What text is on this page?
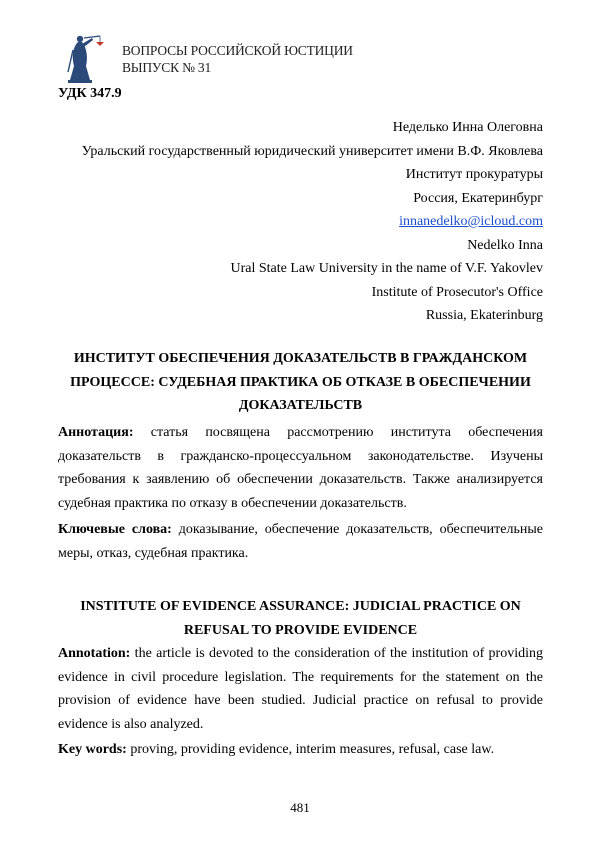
ВОПРОСЫ РОССИЙСКОЙ ЮСТИЦИИ
ВЫПУСК № 31
УДК 347.9
Неделько Инна Олеговна
Уральский государственный юридический университет имени В.Ф. Яковлева
Институт прокуратуры
Россия, Екатеринбург
innanedelko@icloud.com
Nedelko Inna
Ural State Law University in the name of V.F. Yakovlev
Institute of Prosecutor's Office
Russia, Ekaterinburg
ИНСТИТУТ ОБЕСПЕЧЕНИЯ ДОКАЗАТЕЛЬСТВ В ГРАЖДАНСКОМ
ПРОЦЕССЕ: СУДЕБНАЯ ПРАКТИКА ОБ ОТКАЗЕ В ОБЕСПЕЧЕНИИ
ДОКАЗАТЕЛЬСТВ
Аннотация: статья посвящена рассмотрению института обеспечения доказательств в гражданско-процессуальном законодательстве. Изучены требования к заявлению об обеспечении доказательств. Также анализируется судебная практика по отказу в обеспечении доказательств.
Ключевые слова: доказывание, обеспечение доказательств, обеспечительные меры, отказ, судебная практика.
INSTITUTE OF EVIDENCE ASSURANCE: JUDICIAL PRACTICE ON
REFUSAL TO PROVIDE EVIDENCE
Annotation: the article is devoted to the consideration of the institution of providing evidence in civil procedure legislation. The requirements for the statement on the provision of evidence have been studied. Judicial practice on refusal to provide evidence is also analyzed.
Key words: proving, providing evidence, interim measures, refusal, case law.
481
